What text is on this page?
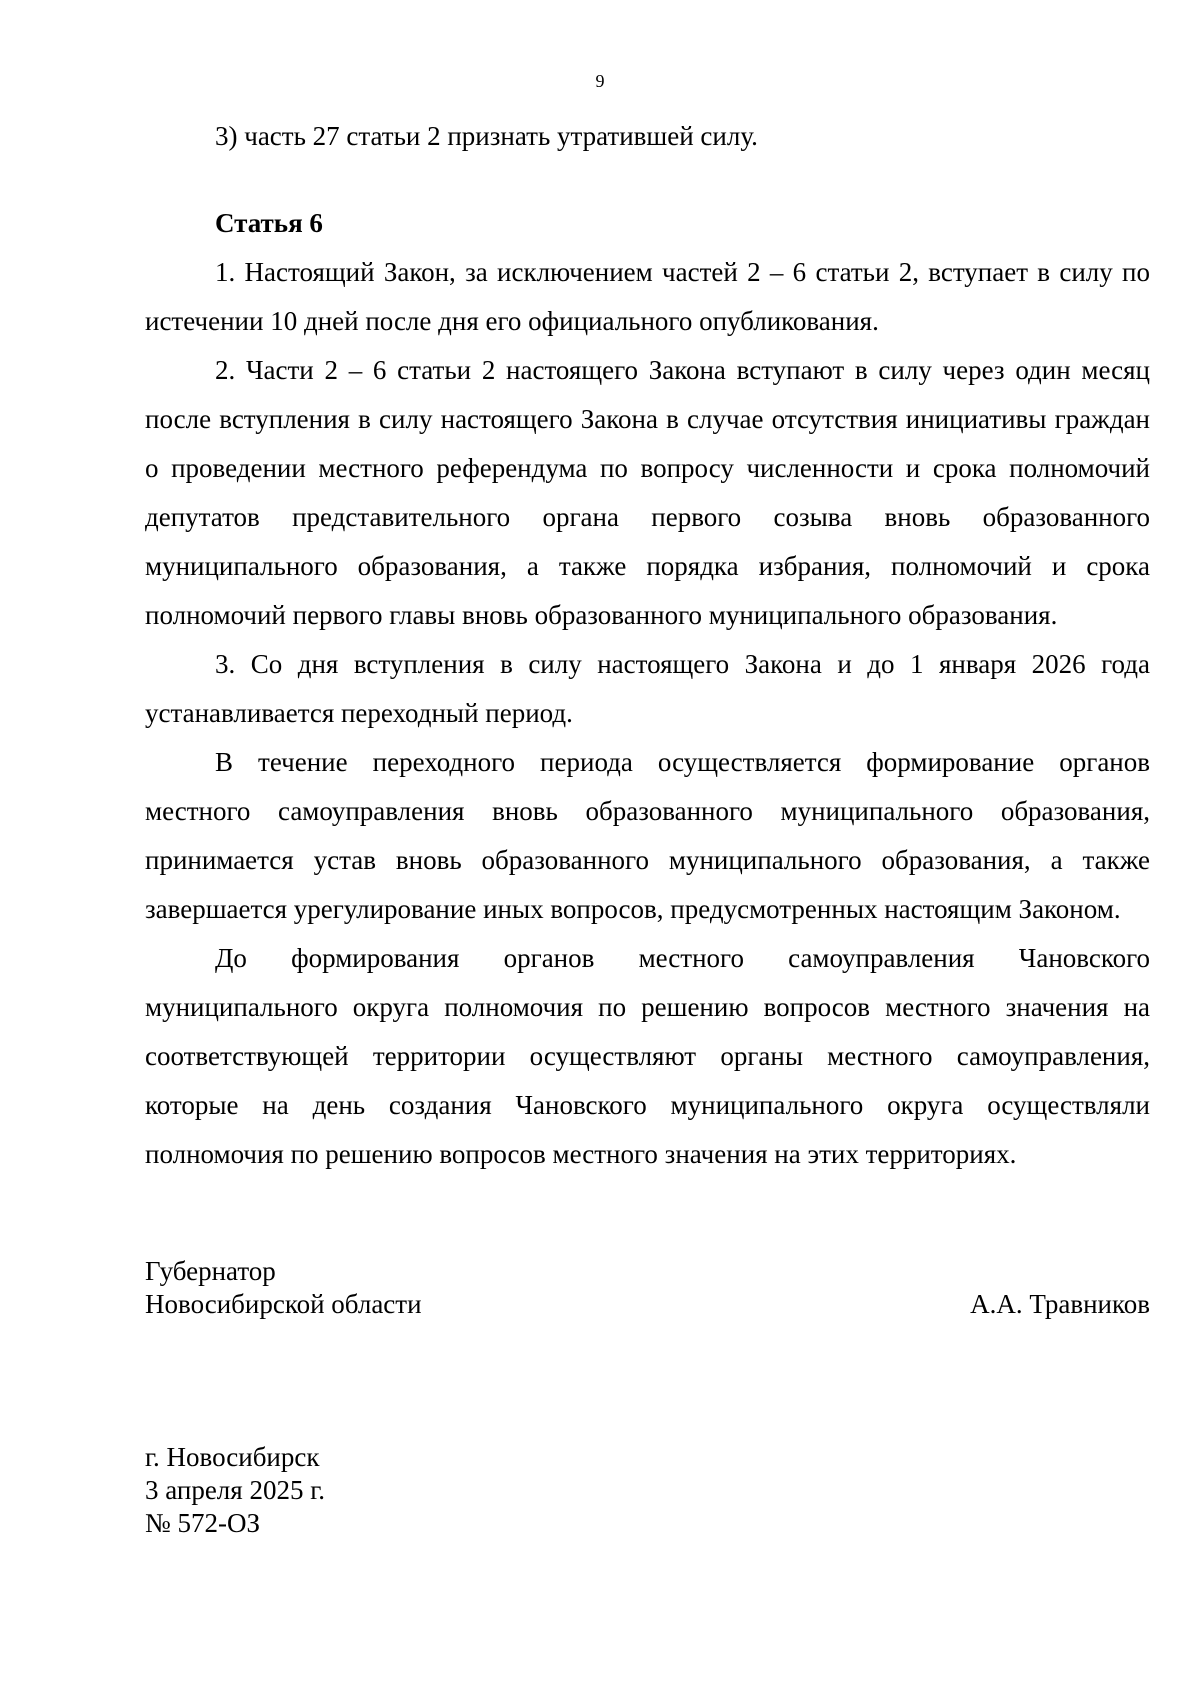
9

3) часть 27 статьи 2 признать утратившей силу.

Статья 6

1. Настоящий Закон, за исключением частей 2 – 6 статьи 2, вступает в силу по истечении 10 дней после дня его официального опубликования.

2. Части 2 – 6 статьи 2 настоящего Закона вступают в силу через один месяц после вступления в силу настоящего Закона в случае отсутствия инициативы граждан о проведении местного референдума по вопросу численности и срока полномочий депутатов представительного органа первого созыва вновь образованного муниципального образования, а также порядка избрания, полномочий и срока полномочий первого главы вновь образованного муниципального образования.

3. Со дня вступления в силу настоящего Закона и до 1 января 2026 года устанавливается переходный период.

В течение переходного периода осуществляется формирование органов местного самоуправления вновь образованного муниципального образования, принимается устав вновь образованного муниципального образования, а также завершается урегулирование иных вопросов, предусмотренных настоящим Законом.

До формирования органов местного самоуправления Чановского муниципального округа полномочия по решению вопросов местного значения на соответствующей территории осуществляют органы местного самоуправления, которые на день создания Чановского муниципального округа осуществляли полномочия по решению вопросов местного значения на этих территориях.

Губернатор
Новосибирской области	А.А. Травников
г. Новосибирск
3 апреля 2025 г.
№ 572-ОЗ
